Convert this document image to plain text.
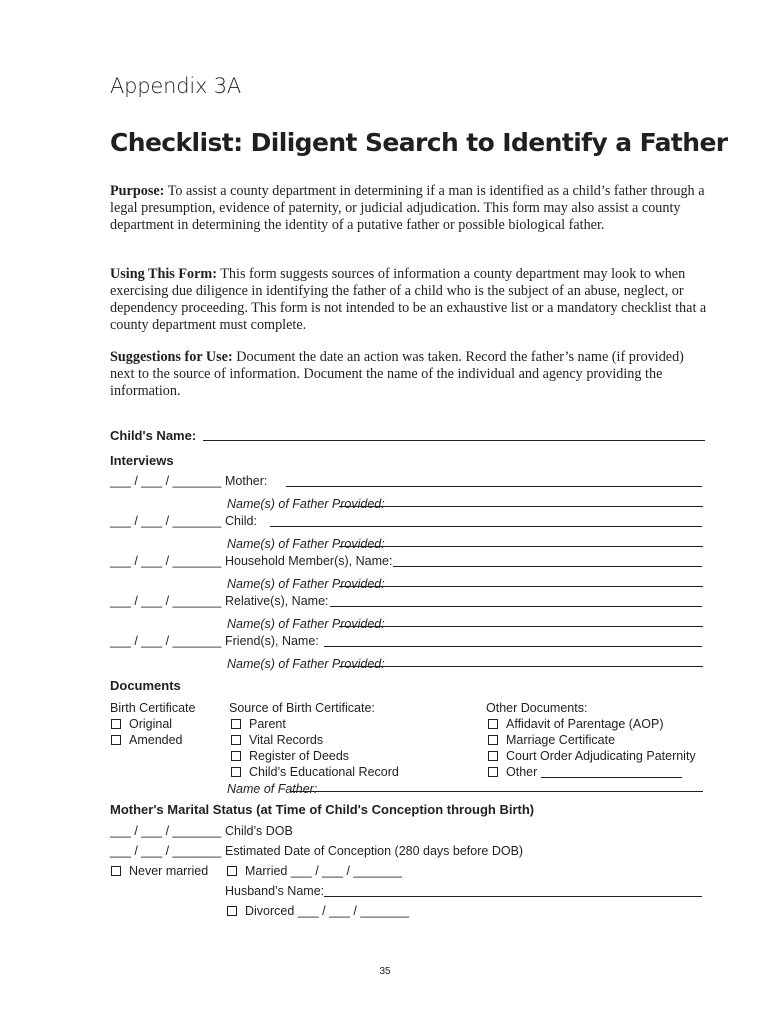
Appendix 3A
Checklist: Diligent Search to Identify a Father
Purpose: To assist a county department in determining if a man is identified as a child’s father through a legal presumption, evidence of paternity, or judicial adjudication. This form may also assist a county department in determining the identity of a putative father or possible biological father.
Using This Form: This form suggests sources of information a county department may look to when exercising due diligence in identifying the father of a child who is the subject of an abuse, neglect, or dependency proceeding. This form is not intended to be an exhaustive list or a mandatory checklist that a county department must complete.
Suggestions for Use: Document the date an action was taken. Record the father’s name (if provided) next to the source of information. Document the name of the individual and agency providing the information.
Child's Name:
Interviews
___ / ___ / _______ Mother:
Name(s) of Father Provided:
___ / ___ / _______ Child:
Name(s) of Father Provided:
___ / ___ / _______ Household Member(s), Name:
Name(s) of Father Provided:
___ / ___ / _______ Relative(s), Name:
Name(s) of Father Provided:
___ / ___ / _______ Friend(s), Name:
Name(s) of Father Provided:
Documents
Birth Certificate
Original
Amended
Source of Birth Certificate:
Parent
Vital Records
Register of Deeds
Child’s Educational Record
Other Documents:
Affidavit of Parentage (AOP)
Marriage Certificate
Court Order Adjudicating Paternity
Other
Name of Father:
Mother's Marital Status (at Time of Child's Conception through Birth)
___ / ___ / _______ Child’s DOB
___ / ___ / _______ Estimated Date of Conception (280 days before DOB)
Never married	Married ___ / ___ / _______
Husband’s Name:
Divorced ___ / ___ / _______
35
